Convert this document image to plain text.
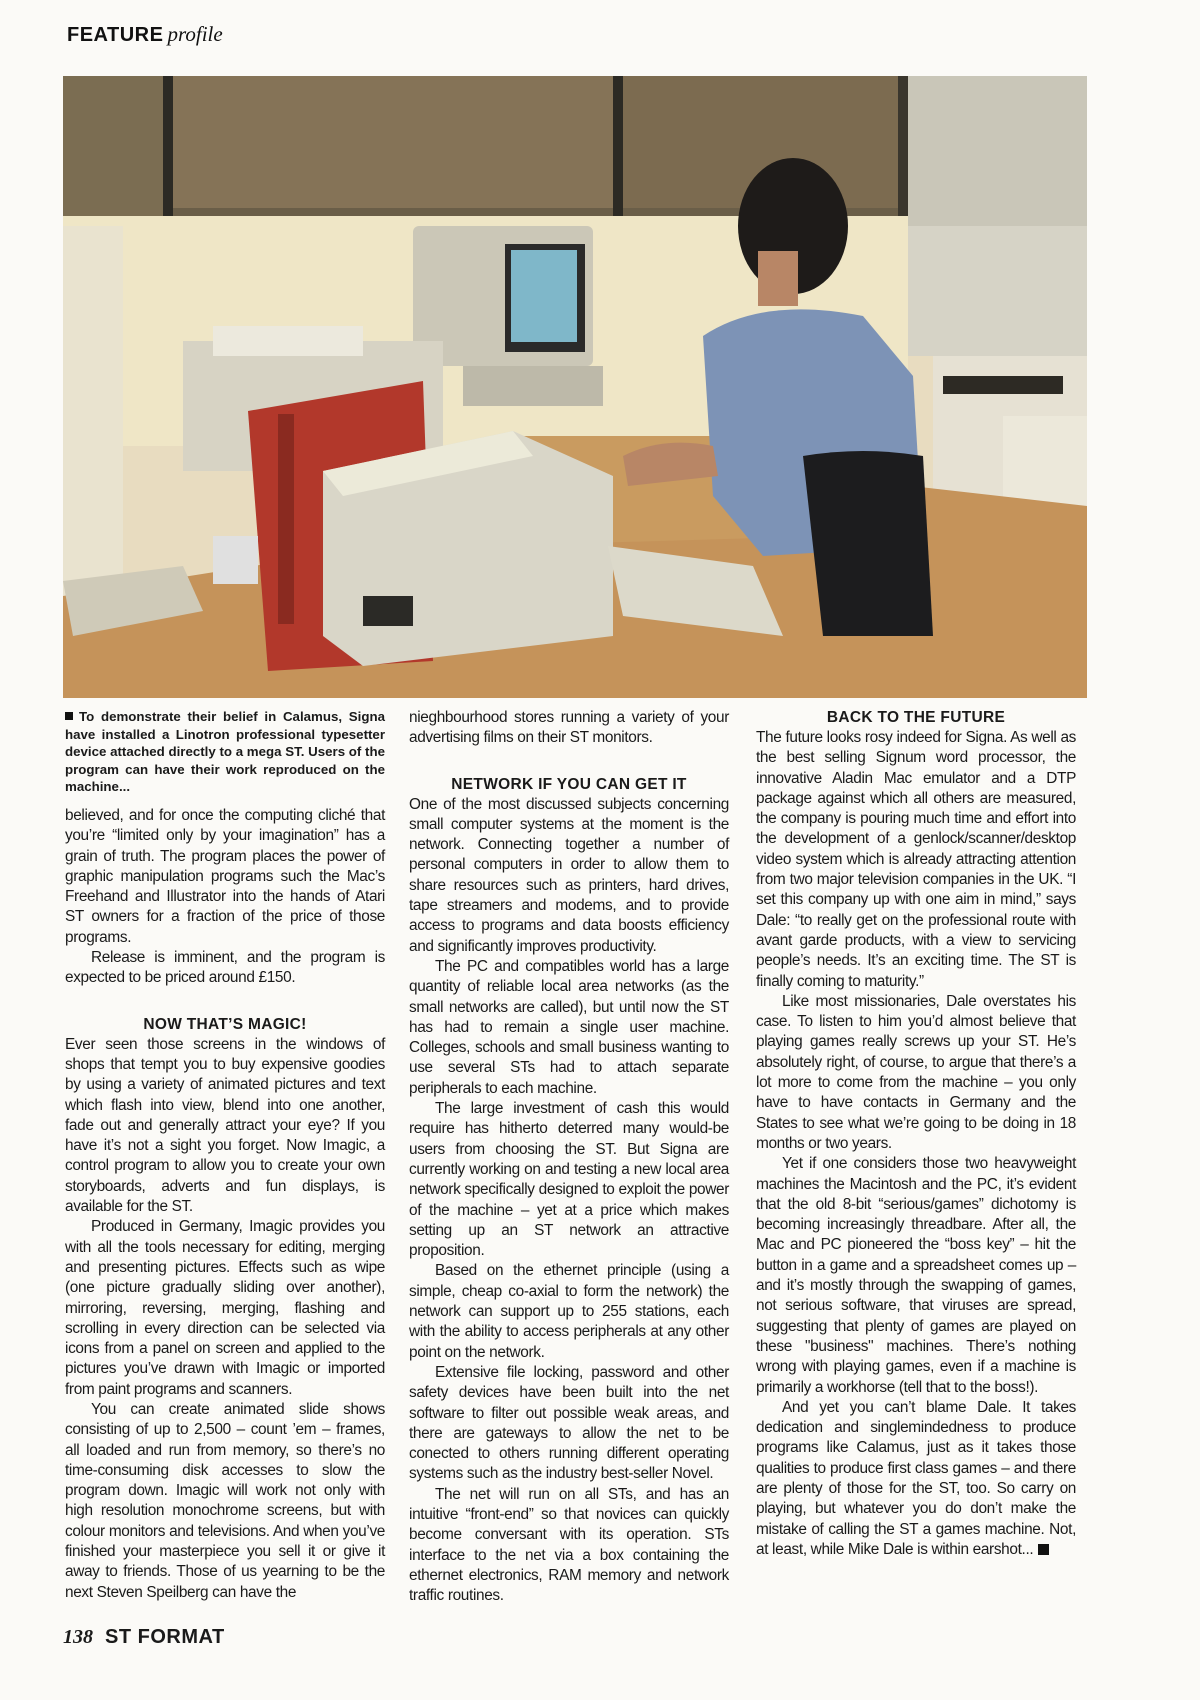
FEATURE profile
To demonstrate their belief in Calamus, Signa have installed a Linotron professional typesetter device attached directly to a mega ST. Users of the program can have their work reproduced on the machine...

believed, and for once the computing cliché that you’re “limited only by your imagination” has a grain of truth. The program places the power of graphic manipulation programs such the Mac’s Freehand and Illustrator into the hands of Atari ST owners for a fraction of the price of those programs.

Release is imminent, and the program is expected to be priced around £150.

NOW THAT’S MAGIC!

Ever seen those screens in the windows of shops that tempt you to buy expensive goodies by using a variety of animated pictures and text which flash into view, blend into one another, fade out and generally attract your eye? If you have it’s not a sight you forget. Now Imagic, a control program to allow you to create your own storyboards, adverts and fun displays, is available for the ST.

Produced in Germany, Imagic provides you with all the tools necessary for editing, merging and presenting pictures. Effects such as wipe (one picture gradually sliding over another), mirroring, reversing, merging, flashing and scrolling in every direction can be selected via icons from a panel on screen and applied to the pictures you’ve drawn with Imagic or imported from paint programs and scanners.

You can create animated slide shows consisting of up to 2,500 – count ’em – frames, all loaded and run from memory, so there’s no time-consuming disk accesses to slow the program down. Imagic will work not only with high resolution monochrome screens, but with colour monitors and televisions. And when you’ve finished your masterpiece you sell it or give it away to friends. Those of us yearning to be the next Steven Speilberg can have the

nieghbourhood stores running a variety of your advertising films on their ST monitors.

NETWORK IF YOU CAN GET IT

One of the most discussed subjects concerning small computer systems at the moment is the network. Connecting together a number of personal computers in order to allow them to share resources such as printers, hard drives, tape streamers and modems, and to provide access to programs and data boosts efficiency and significantly improves productivity.

The PC and compatibles world has a large quantity of reliable local area networks (as the small networks are called), but until now the ST has had to remain a single user machine. Colleges, schools and small business wanting to use several STs had to attach separate peripherals to each machine.

The large investment of cash this would require has hitherto deterred many would-be users from choosing the ST. But Signa are currently working on and testing a new local area network specifically designed to exploit the power of the machine – yet at a price which makes setting up an ST network an attractive proposition.

Based on the ethernet principle (using a simple, cheap co-axial to form the network) the network can support up to 255 stations, each with the ability to access peripherals at any other point on the network.

Extensive file locking, password and other safety devices have been built into the net software to filter out possible weak areas, and there are gateways to allow the net to be conected to others running different operating systems such as the industry best-seller Novel.

The net will run on all STs, and has an intuitive “front-end” so that novices can quickly become conversant with its operation. STs interface to the net via a box containing the ethernet electronics, RAM memory and network traffic routines.

BACK TO THE FUTURE

The future looks rosy indeed for Signa. As well as the best selling Signum word processor, the innovative Aladin Mac emulator and a DTP package against which all others are measured, the company is pouring much time and effort into the development of a genlock/scanner/desktop video system which is already attracting attention from two major television companies in the UK. “I set this company up with one aim in mind,” says Dale: “to really get on the professional route with avant garde products, with a view to servicing people’s needs. It’s an exciting time. The ST is finally coming to maturity.”

Like most missionaries, Dale overstates his case. To listen to him you’d almost believe that playing games really screws up your ST. He’s absolutely right, of course, to argue that there’s a lot more to come from the machine – you only have to have contacts in Germany and the States to see what we’re going to be doing in 18 months or two years.

Yet if one considers those two heavyweight machines the Macintosh and the PC, it’s evident that the old 8-bit “serious/games” dichotomy is becoming increasingly threadbare. After all, the Mac and PC pioneered the “boss key” – hit the button in a game and a spreadsheet comes up – and it’s mostly through the swapping of games, not serious software, that viruses are spread, suggesting that plenty of games are played on these "business" machines. There’s nothing wrong with playing games, even if a machine is primarily a workhorse (tell that to the boss!).

And yet you can’t blame Dale. It takes dedication and singlemindedness to produce programs like Calamus, just as it takes those qualities to produce first class games – and there are plenty of those for the ST, too. So carry on playing, but whatever you do don’t make the mistake of calling the ST a games machine. Not, at least, while Mike Dale is within earshot...

138 ST FORMAT
